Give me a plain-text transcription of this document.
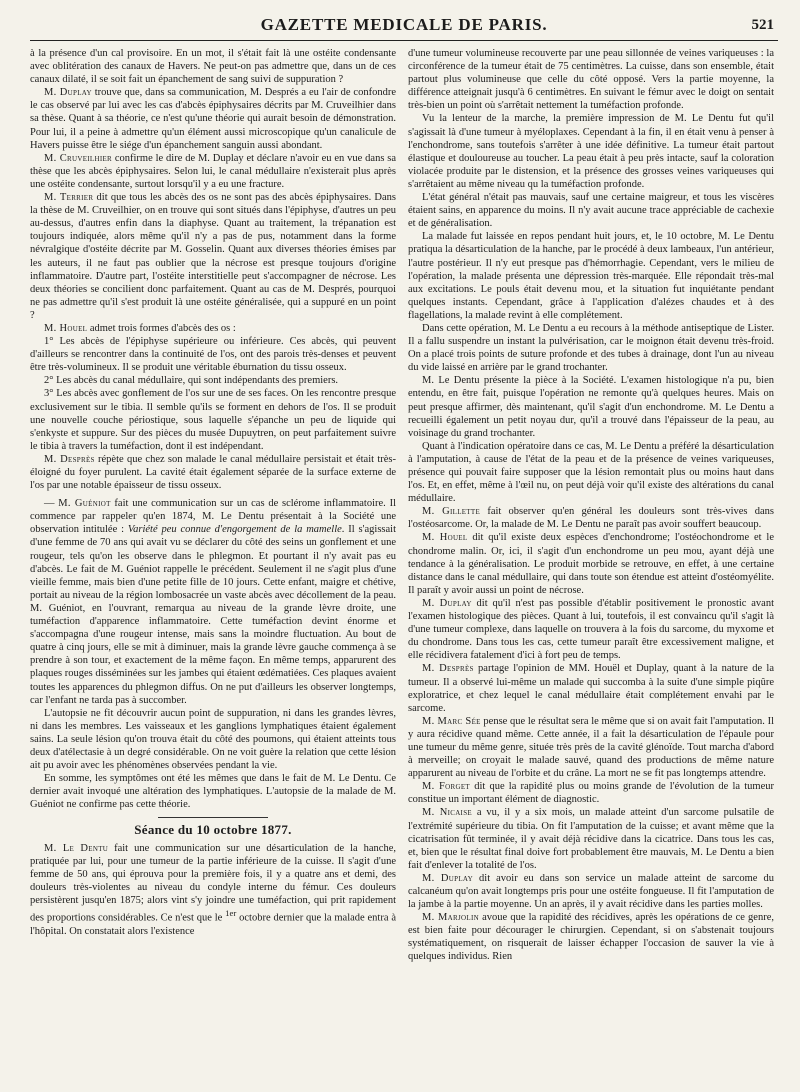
GAZETTE MEDICALE DE PARIS.	521

à la présence d'un cal provisoire. En un mot, il s'était fait là une ostéite condensante avec oblitération des canaux de Havers. Ne peut-on pas admettre que, dans un de ces canaux dilaté, il se soit fait un épanchement de sang suivi de suppuration ?

M. Duplay trouve que, dans sa communication, M. Després a eu l'air de confondre le cas observé par lui avec les cas d'abcès épiphysaires décrits par M. Cruveilhier dans sa thèse. Quant à sa théorie, ce n'est qu'une théorie qui aurait besoin de démonstration. Pour lui, il a peine à admettre qu'un élément aussi microscopique qu'un canalicule de Havers puisse être le siége d'un épanchement sanguin aussi abondant.

M. Cruveilhier confirme le dire de M. Duplay et déclare n'avoir eu en vue dans sa thèse que les abcès épiphysaires. Selon lui, le canal médullaire n'existerait plus après une ostéite condensante, surtout lorsqu'il y a eu une fracture.

M. Terrier dit que tous les abcès des os ne sont pas des abcès épiphysaires. Dans la thèse de M. Cruveilhier, on en trouve qui sont situés dans l'épiphyse, d'autres un peu au-dessus, d'autres enfin dans la diaphyse. Quant au traitement, la trépanation est toujours indiquée, alors même qu'il n'y a pas de pus, notamment dans la forme névralgique d'ostéite décrite par M. Gosselin. Quant aux diverses théories émises par les auteurs, il ne faut pas oublier que la nécrose est presque toujours d'origine inflammatoire. D'autre part, l'ostéite interstitielle peut s'accompagner de nécrose. Les deux théories se concilient donc parfaitement. Quant au cas de M. Després, pourquoi ne pas admettre qu'il s'est produit là une ostéite généralisée, qui a suppuré en un point ?

M. Houel admet trois formes d'abcès des os :

1° Les abcès de l'épiphyse supérieure ou inférieure. Ces abcès, qui peuvent d'ailleurs se rencontrer dans la continuité de l'os, ont des parois très-denses et peuvent être très-volumineux. Il se produit une véritable éburnation du tissu osseux.

2° Les abcès du canal médullaire, qui sont indépendants des premiers.

3° Les abcès avec gonflement de l'os sur une de ses faces. On les rencontre presque exclusivement sur le tibia. Il semble qu'ils se forment en dehors de l'os. Il se produit une nouvelle couche périostique, sous laquelle s'épanche un peu de liquide qui s'enkyste et suppure. Sur des pièces du musée Dupuytren, on peut parfaitement suivre le tibia à travers la tuméfaction, dont il est indépendant.

M. Desprès répète que chez son malade le canal médullaire persistait et était très-éloigné du foyer purulent. La cavité était également séparée de la surface externe de l'os par une notable épaisseur de tissu osseux.

— M. Guéniot fait une communication sur un cas de sclérome inflammatoire. Il commence par rappeler qu'en 1874, M. Le Dentu présentait à la Société une observation intitulée : Variété peu connue d'engorgement de la mamelle. Il s'agissait d'une femme de 70 ans qui avait vu se déclarer du côté des seins un gonflement et une rougeur, tels qu'on les observe dans le phlegmon. Et pourtant il n'y avait pas eu d'abcès. Le fait de M. Guéniot rappelle le précédent. Seulement il ne s'agit plus d'une vieille femme, mais bien d'une petite fille de 10 jours. Cette enfant, maigre et chétive, portait au niveau de la région lombosacrée un vaste abcès avec décollement de la peau. M. Guéniot, en l'ouvrant, remarqua au niveau de la grande lèvre droite, une tuméfaction d'apparence inflammatoire. Cette tuméfaction devint énorme et s'accompagna d'une rougeur intense, mais sans la moindre fluctuation. Au bout de quatre à cinq jours, elle se mit à diminuer, mais la grande lèvre gauche commença à se prendre à son tour, et exactement de la même façon. En même temps, apparurent des plaques rouges disséminées sur les jambes qui étaient œdématiées. Ces plaques avaient toutes les apparences du phlegmon diffus. On ne put d'ailleurs les observer longtemps, car l'enfant ne tarda pas à succomber.

L'autopsie ne fit découvrir aucun point de suppuration, ni dans les grandes lèvres, ni dans les membres. Les vaisseaux et les ganglions lymphatiques étaient également sains. La seule lésion qu'on trouva était du côté des poumons, qui étaient atteints tous deux d'atélectasie à un degré considérable. On ne voit guère la relation que cette lésion ait pu avoir avec les phénomènes observées pendant la vie.

En somme, les symptômes ont été les mêmes que dans le fait de M. Le Dentu. Ce dernier avait invoqué une altération des lymphatiques. L'autopsie de la malade de M. Guéniot ne confirme pas cette théorie.

Séance du 10 octobre 1877.

M. Le Dentu fait une communication sur une désarticulation de la hanche, pratiquée par lui, pour une tumeur de la partie inférieure de la cuisse. Il s'agit d'une femme de 50 ans, qui éprouva pour la première fois, il y a quatre ans et demi, des douleurs très-violentes au niveau du condyle interne du fémur. Ces douleurs persistèrent jusqu'en 1875; alors vint s'y joindre une tuméfaction, qui prit rapidement des proportions considérables. Ce n'est que le $^{1er}$ octobre dernier que la malade entra à l'hôpital. On constatait alors l'existence

d'une tumeur volumineuse recouverte par une peau sillonnée de veines variqueuses : la circonférence de la tumeur était de 75 centimètres. La cuisse, dans son ensemble, était partout plus volumineuse que celle du côté opposé. Vers la partie moyenne, la différence atteignait jusqu'à 6 centimètres. En suivant le fémur avec le doigt on sentait très-bien un point où s'arrêtait nettement la tuméfaction profonde.

Vu la lenteur de la marche, la première impression de M. Le Dentu fut qu'il s'agissait là d'une tumeur à myéloplaxes. Cependant à la fin, il en était venu à penser à l'enchondrome, sans toutefois s'arrêter à une idée définitive. La tumeur était partout élastique et douloureuse au toucher. La peau était à peu près intacte, sauf la coloration violacée produite par le distension, et la présence des grosses veines variqueuses qui s'arrêtaient au même niveau qu la tuméfaction profonde.

L'état général n'était pas mauvais, sauf une certaine maigreur, et tous les viscères étaient sains, en apparence du moins. Il n'y avait aucune trace appréciable de cachexie et de généralisation.

La malade fut laissée en repos pendant huit jours, et, le 10 octobre, M. Le Dentu pratiqua la désarticulation de la hanche, par le procédé à deux lambeaux, l'un antérieur, l'autre postérieur. Il n'y eut presque pas d'hémorrhagie. Cependant, vers le milieu de l'opération, la malade présenta une dépression très-marquée. Elle répondait très-mal aux excitations. Le pouls était devenu mou, et la situation fut inquiétante pendant quelques instants. Cependant, grâce à l'application d'alézes chaudes et à des flagellations, la malade revint à elle complétement.

Dans cette opération, M. Le Dentu a eu recours à la méthode antiseptique de Lister. Il a fallu suspendre un instant la pulvérisation, car le moignon était devenu très-froid. On a placé trois points de suture profonde et des tubes à drainage, dont l'un au niveau du vide laissé en arrière par le grand trochanter.

M. Le Dentu présente la pièce à la Société. L'examen histologique n'a pu, bien entendu, en être fait, puisque l'opération ne remonte qu'à quelques heures. Mais on peut presque affirmer, dès maintenant, qu'il s'agit d'un enchondrome. M. Le Dentu a recueilli également un petit noyau dur, qu'il a trouvé dans l'épaisseur de la peau, au voisinage du grand trochanter.

Quant à l'indication opératoire dans ce cas, M. Le Dentu a préféré la désarticulation à l'amputation, à cause de l'état de la peau et de la présence de veines variqueuses, présence qui pouvait faire supposer que la lésion remontait plus ou moins haut dans l'os. Et, en effet, même à l'œil nu, on peut déjà voir qu'il existe des altérations du canal médullaire.

M. Gillette fait observer qu'en général les douleurs sont très-vives dans l'ostéosarcome. Or, la malade de M. Le Dentu ne paraît pas avoir souffert beaucoup.

M. Houel dit qu'il existe deux espèces d'enchondrome; l'ostéochondrome et le chondrome malin. Or, ici, il s'agit d'un enchondrome un peu mou, ayant déjà une tendance à la généralisation. Le produit morbide se retrouve, en effet, à une certaine distance dans le canal médullaire, qui dans toute son étendue est atteint d'ostéomyélite. Il paraît y avoir aussi un point de nécrose.

M. Duplay dit qu'il n'est pas possible d'établir positivement le pronostic avant l'examen histologique des pièces. Quant à lui, toutefois, il est convaincu qu'il s'agit là d'une tumeur complexe, dans laquelle on trouvera à la fois du sarcome, du myxome et du chondrome. Dans tous les cas, cette tumeur paraît être excessivement maligne, et elle récidivera fatalement d'ici à fort peu de temps.

M. Desprès partage l'opinion de MM. Houël et Duplay, quant à la nature de la tumeur. Il a observé lui-même un malade qui succomba à la suite d'une simple piqûre exploratrice, et chez lequel le canal médullaire était complétement envahi par le sarcome.

M. Marc Sée pense que le résultat sera le même que si on avait fait l'amputation. Il y aura récidive quand même. Cette année, il a fait la désarticulation de l'épaule pour une tumeur du même genre, située très près de la cavité glénoïde. Tout marcha d'abord à merveille; on croyait le malade sauvé, quand des productions de même nature apparurent au niveau de l'orbite et du crâne. La mort ne se fit pas longtemps attendre.

M. Forget dit que la rapidité plus ou moins grande de l'évolution de la tumeur constitue un important élément de diagnostic.

M. Nicaise a vu, il y a six mois, un malade atteint d'un sarcome pulsatile de l'extrémité supérieure du tibia. On fit l'amputation de la cuisse; et avant même que la cicatrisation fût terminée, il y avait déjà récidive dans la cicatrice. Dans tous les cas, et, bien que le résultat final doive fort probablement être mauvais, M. Le Dentu a bien fait d'enlever la totalité de l'os.

M. Duplay dit avoir eu dans son service un malade atteint de sarcome du calcanéum qu'on avait longtemps pris pour une ostéite fongueuse. Il fit l'amputation de la jambe à la partie moyenne. Un an après, il y avait récidive dans les parties molles.

M. Marjolin avoue que la rapidité des récidives, après les opérations de ce genre, est bien faite pour décourager le chirurgien. Cependant, si on s'abstenait toujours systématiquement, on risquerait de laisser échapper l'occasion de sauver la vie à quelques individus. Rien
